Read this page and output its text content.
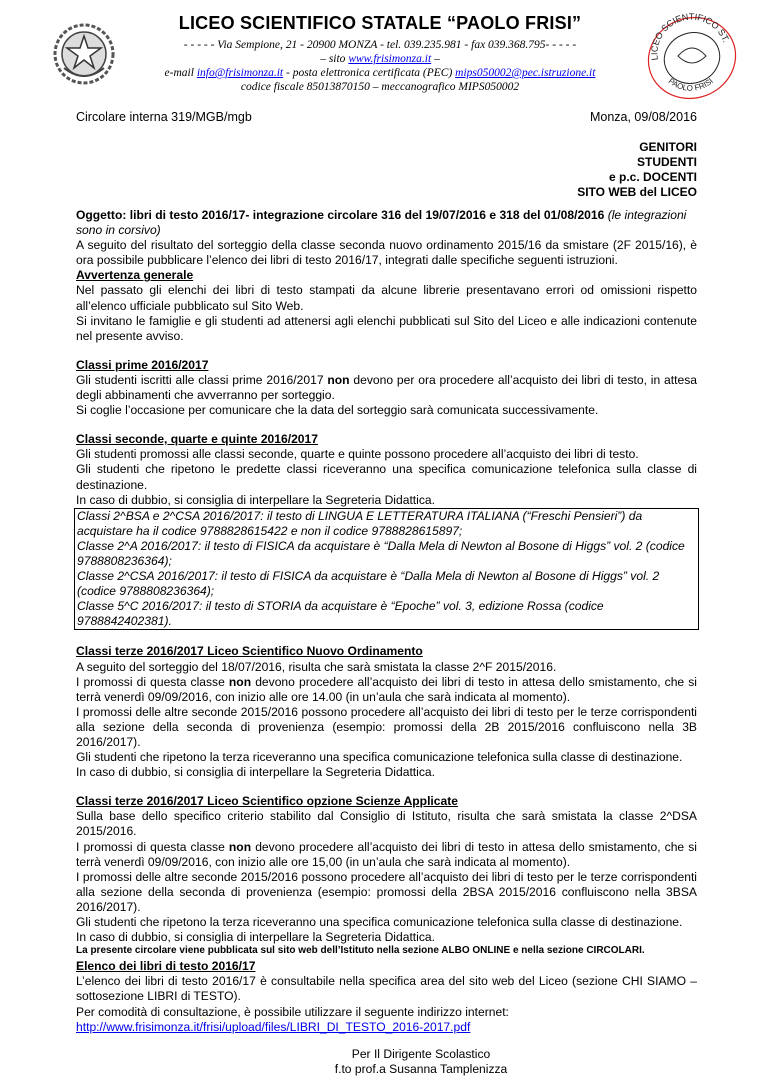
LICEO SCIENTIFICO ST.
PAOLO FRISI
LICEO SCIENTIFICO STATALE “PAOLO FRISI”
- - - - - Via Sempione, 21 - 20900 MONZA - tel. 039.235.981 - fax 039.368.795- - - - -
– sito www.frisimonza.it –
e-mail info@frisimonza.it - posta elettronica certificata (PEC) mips050002@pec.istruzione.it
codice fiscale 85013870150 – meccanografico MIPS050002
Circolare interna 319/MGB/mgb	Monza, 09/08/2016
GENITORI
STUDENTI
e p.c. DOCENTI
SITO WEB del LICEO

Oggetto: libri di testo 2016/17- integrazione circolare 316 del 19/07/2016 e 318 del 01/08/2016 (le integrazioni sono in corsivo)

A seguito del risultato del sorteggio della classe seconda nuovo ordinamento 2015/16 da smistare (2F 2015/16), è ora possibile pubblicare l’elenco dei libri di testo 2016/17, integrati dalle specifiche seguenti istruzioni.

Avvertenza generale

Nel passato gli elenchi dei libri di testo stampati da alcune librerie presentavano errori od omissioni rispetto all’elenco ufficiale pubblicato sul Sito Web.

Si invitano le famiglie e gli studenti ad attenersi agli elenchi pubblicati sul Sito del Liceo e alle indicazioni contenute nel presente avviso.

Classi prime 2016/2017

Gli studenti iscritti alle classi prime 2016/2017 non devono per ora procedere all’acquisto dei libri di testo, in attesa degli abbinamenti che avverranno per sorteggio.

Si coglie l’occasione per comunicare che la data del sorteggio sarà comunicata successivamente.

Classi seconde, quarte e quinte 2016/2017

Gli studenti promossi alle classi seconde, quarte e quinte possono procedere all’acquisto dei libri di testo.

Gli studenti che ripetono le predette classi riceveranno una specifica comunicazione telefonica sulla classe di destinazione.

In caso di dubbio, si consiglia di interpellare la Segreteria Didattica.

Classi 2^BSA e 2^CSA 2016/2017: il testo di LINGUA E LETTERATURA ITALIANA (“Freschi Pensieri”) da acquistare ha il codice 9788828615422 e non il codice 9788828615897;

Classe 2^A 2016/2017: il testo di FISICA da acquistare è “Dalla Mela di Newton al Bosone di Higgs” vol. 2 (codice 9788808236364);

Classe 2^CSA 2016/2017: il testo di FISICA da acquistare è “Dalla Mela di Newton al Bosone di Higgs” vol. 2 (codice 9788808236364);

Classe 5^C 2016/2017: il testo di STORIA da acquistare è “Epoche” vol. 3, edizione Rossa (codice 9788842402381).

Classi terze 2016/2017 Liceo Scientifico Nuovo Ordinamento

A seguito del sorteggio del 18/07/2016, risulta che sarà smistata la classe 2^F 2015/2016.

I promossi di questa classe non devono procedere all’acquisto dei libri di testo in attesa dello smistamento, che si terrà venerdì 09/09/2016, con inizio alle ore 14.00 (in un’aula che sarà indicata al momento).

I promossi delle altre seconde 2015/2016 possono procedere all’acquisto dei libri di testo per le terze corrispondenti alla sezione della seconda di provenienza (esempio: promossi della 2B 2015/2016 confluiscono nella 3B 2016/2017).

Gli studenti che ripetono la terza riceveranno una specifica comunicazione telefonica sulla classe di destinazione.

In caso di dubbio, si consiglia di interpellare la Segreteria Didattica.

Classi terze 2016/2017 Liceo Scientifico opzione Scienze Applicate

Sulla base dello specifico criterio stabilito dal Consiglio di Istituto, risulta che sarà smistata la classe 2^DSA 2015/2016.

I promossi di questa classe non devono procedere all’acquisto dei libri di testo in attesa dello smistamento, che si terrà venerdì 09/09/2016, con inizio alle ore 15,00 (in un’aula che sarà indicata al momento).

I promossi delle altre seconde 2015/2016 possono procedere all’acquisto dei libri di testo per le terze corrispondenti alla sezione della seconda di provenienza (esempio: promossi della 2BSA 2015/2016 confluiscono nella 3BSA 2016/2017).

Gli studenti che ripetono la terza riceveranno una specifica comunicazione telefonica sulla classe di destinazione.

In caso di dubbio, si consiglia di interpellare la Segreteria Didattica.

Elenco dei libri di testo 2016/17

L’elenco dei libri di testo 2016/17 è consultabile nella specifica area del sito web del Liceo (sezione CHI SIAMO – sottosezione LIBRI di TESTO).

Per comodità di consultazione, è possibile utilizzare il seguente indirizzo internet:

http://www.frisimonza.it/frisi/upload/files/LIBRI_DI_TESTO_2016-2017.pdf

Per Il Dirigente Scolastico

f.to prof.a Susanna Tamplenizza

La presente circolare viene pubblicata sul sito web dell’Istituto nella sezione ALBO ONLINE e nella sezione CIRCOLARI.
